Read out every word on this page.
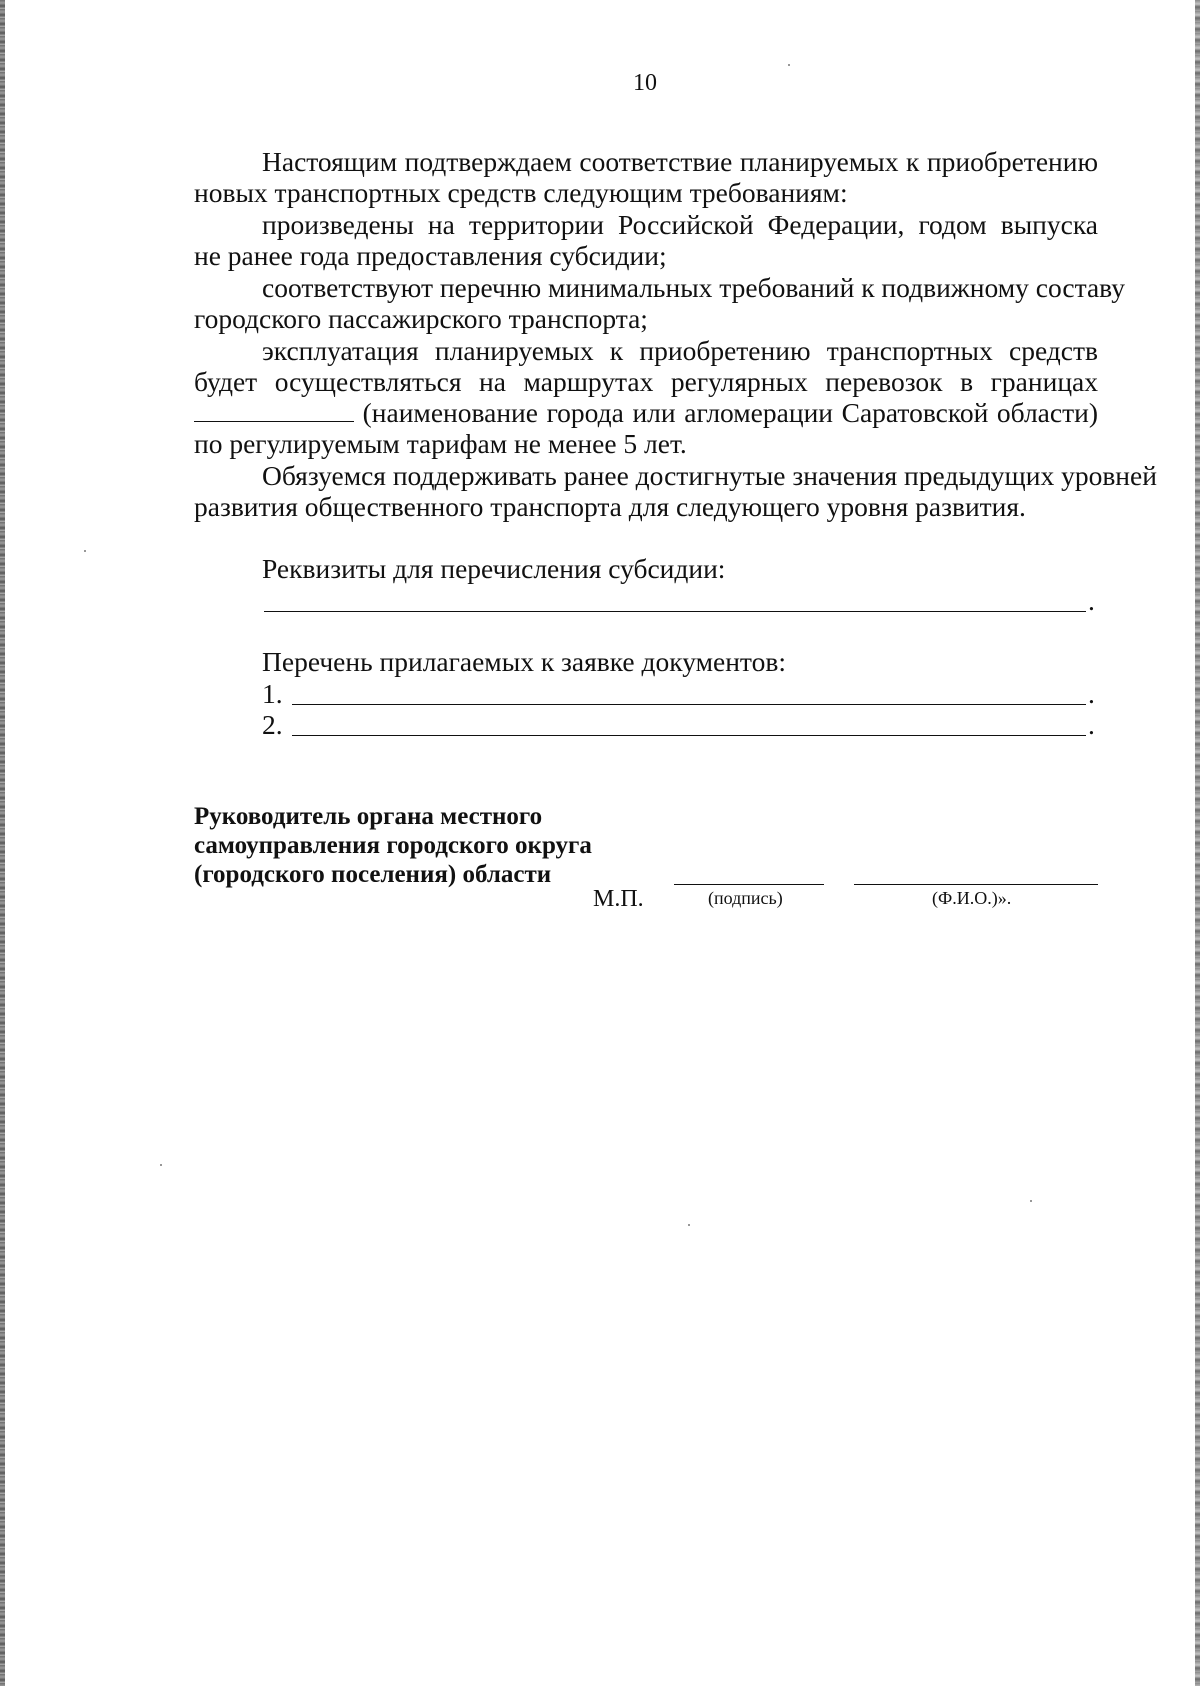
10
Настоящим подтверждаем соответствие планируемых к приобретению
новых транспортных средств следующим требованиям:
произведены на территории Российской Федерации, годом выпуска
не ранее года предоставления субсидии;
соответствуют перечню минимальных требований к подвижному составу
городского пассажирского транспорта;
эксплуатация планируемых к приобретению транспортных средств
будет осуществляться на маршрутах регулярных перевозок в границах
(наименование города или агломерации Саратовской области)
по регулируемым тарифам не менее 5 лет.
Обязуемся поддерживать ранее достигнутые значения предыдущих уровней
развития общественного транспорта для следующего уровня развития.
Реквизиты для перечисления субсидии:
.
Перечень прилагаемых к заявке документов:
1.	.
2.	.
Руководитель органа местного
самоуправления городского округа
(городского поселения) области
М.П.	(подпись)	(Ф.И.О.)».
